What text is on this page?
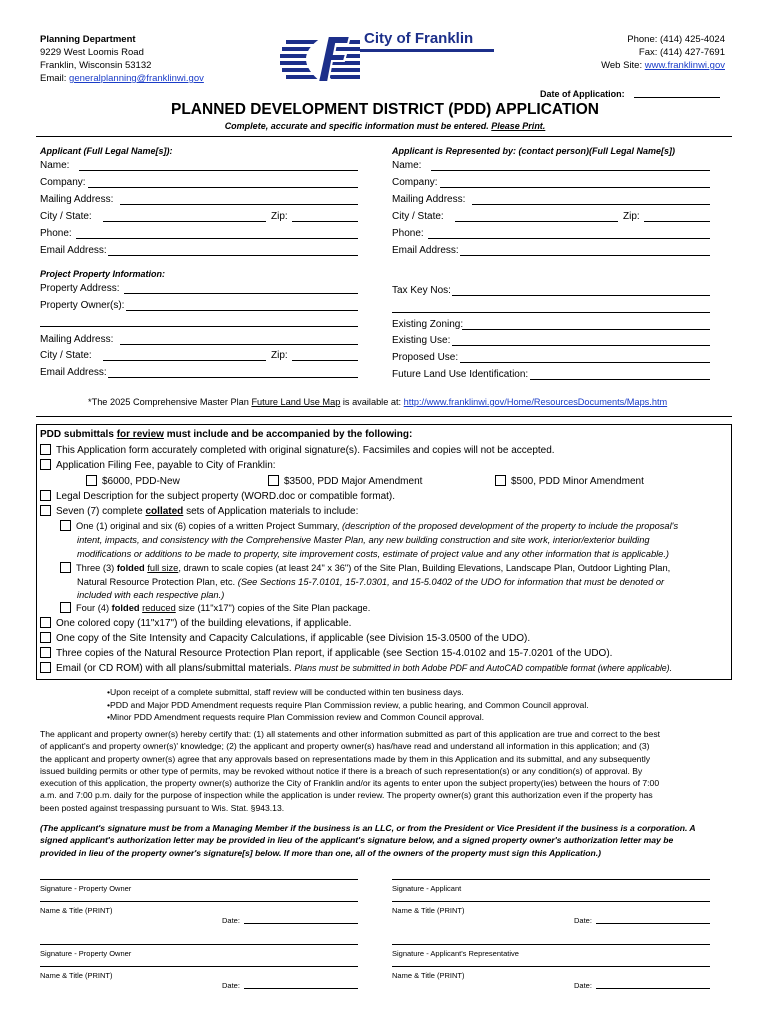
Planning Department
9229 West Loomis Road
Franklin, Wisconsin 53132
Email: generalplanning@franklinwi.gov
City of Franklin	Phone: (414) 425-4024
Fax: (414) 427-7691
Web Site: www.franklinwi.gov
Date of Application:
PLANNED DEVELOPMENT DISTRICT (PDD) APPLICATION
Complete, accurate and specific information must be entered. Please Print.
Applicant (Full Legal Name[s]):
Name:
Company:
Mailing Address:
City / State:	Zip:
Phone:
Email Address:
Applicant is Represented by: (contact person)(Full Legal Name[s])
Name:
Company:
Mailing Address:
City / State:	Zip:
Phone:
Email Address:
Project Property Information:
Property Address:
Property Owner(s):
Mailing Address:
City / State:	Zip:
Email Address:
Tax Key Nos:
Existing Zoning:
Existing Use:
Proposed Use:
Future Land Use Identification:
*The 2025 Comprehensive Master Plan Future Land Use Map is available at: http://www.franklinwi.gov/Home/ResourcesDocuments/Maps.htm
PDD submittals for review must include and be accompanied by the following:
This Application form accurately completed with original signature(s). Facsimiles and copies will not be accepted.
Application Filing Fee, payable to City of Franklin:
$6000, PDD-New	$3500, PDD Major Amendment	$500, PDD Minor Amendment
Legal Description for the subject property (WORD.doc or compatible format).
Seven (7) complete collated sets of Application materials to include:
One (1) original and six (6) copies of a written Project Summary, (description of the proposed development of the property to include the proposal's
intent, impacts, and consistency with the Comprehensive Master Plan, any new building construction and site work, interior/exterior building
modifications or additions to be made to property, site improvement costs, estimate of project value and any other information that is applicable.)
Three (3) folded full size, drawn to scale copies (at least 24" x 36") of the Site Plan, Building Elevations, Landscape Plan, Outdoor Lighting Plan,
Natural Resource Protection Plan, etc. (See Sections 15-7.0101, 15-7.0301, and 15-5.0402 of the UDO for information that must be denoted or
included with each respective plan.)
Four (4) folded reduced size (11"x17") copies of the Site Plan package.
One colored copy (11"x17") of the building elevations, if applicable.
One copy of the Site Intensity and Capacity Calculations, if applicable (see Division 15-3.0500 of the UDO).
Three copies of the Natural Resource Protection Plan report, if applicable (see Section 15-4.0102 and 15-7.0201 of the UDO).
Email (or CD ROM) with all plans/submittal materials. Plans must be submitted in both Adobe PDF and AutoCAD compatible format (where applicable).
•Upon receipt of a complete submittal, staff review will be conducted within ten business days.
•PDD and Major PDD Amendment requests require Plan Commission review, a public hearing, and Common Council approval.
•Minor PDD Amendment requests require Plan Commission review and Common Council approval.
The applicant and property owner(s) hereby certify that: (1) all statements and other information submitted as part of this application are true and correct to the best
of applicant's and property owner(s)' knowledge; (2) the applicant and property owner(s) has/have read and understand all information in this application; and (3)
the applicant and property owner(s) agree that any approvals based on representations made by them in this Application and its submittal, and any subsequently
issued building permits or other type of permits, may be revoked without notice if there is a breach of such representation(s) or any condition(s) of approval. By
execution of this application, the property owner(s) authorize the City of Franklin and/or its agents to enter upon the subject property(ies) between the hours of 7:00
a.m. and 7:00 p.m. daily for the purpose of inspection while the application is under review. The property owner(s) grant this authorization even if the property has
been posted against trespassing pursuant to Wis. Stat. §943.13.
(The applicant's signature must be from a Managing Member if the business is an LLC, or from the President or Vice President if the business is a corporation. A
signed applicant's authorization letter may be provided in lieu of the applicant's signature below, and a signed property owner's authorization letter may be
provided in lieu of the property owner's signature[s] below. If more than one, all of the owners of the property must sign this Application.)
Signature - Property Owner
Name & Title (PRINT)
Date:
Signature - Applicant
Name & Title (PRINT)
Date:
Signature - Property Owner
Name & Title (PRINT)
Date:
Signature - Applicant's Representative
Name & Title (PRINT)
Date:
